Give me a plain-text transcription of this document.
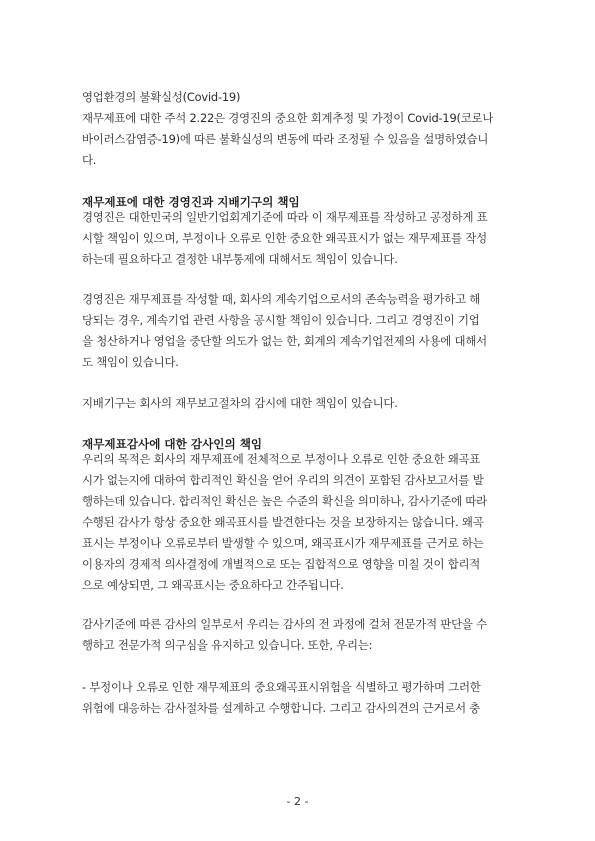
영업환경의 불확실성(Covid-19)
재무제표에 대한 주석 2.22은 경영진의 중요한 회계추정 및 가정이 Covid-19(코로나
바이러스감염증-19)에 따른 불확실성의 변동에 따라 조정될 수 있음을 설명하였습니
다.
재무제표에 대한 경영진과 지배기구의 책임
경영진은 대한민국의 일반기업회계기준에 따라 이 재무제표를 작성하고 공정하게 표
시할 책임이 있으며, 부정이나 오류로 인한 중요한 왜곡표시가 없는 재무제표를 작성
하는데 필요하다고 결정한 내부통제에 대해서도 책임이 있습니다.
경영진은 재무제표를 작성할 때, 회사의 계속기업으로서의 존속능력을 평가하고 해
당되는 경우, 계속기업 관련 사항을 공시할 책임이 있습니다. 그리고 경영진이 기업
을 청산하거나 영업을 중단할 의도가 없는 한, 회계의 계속기업전제의 사용에 대해서
도 책임이 있습니다.
지배기구는 회사의 재무보고절차의 감시에 대한 책임이 있습니다.
재무제표감사에 대한 감사인의 책임
우리의 목적은 회사의 재무제표에 전체적으로 부정이나 오류로 인한 중요한 왜곡표
시가 없는지에 대하여 합리적인 확신을 얻어 우리의 의견이 포함된 감사보고서를 발
행하는데 있습니다. 합리적인 확신은 높은 수준의 확신을 의미하나, 감사기준에 따라
수행된 감사가 항상 중요한 왜곡표시를 발견한다는 것을 보장하지는 않습니다. 왜곡
표시는 부정이나 오류로부터 발생할 수 있으며, 왜곡표시가 재무제표를 근거로 하는
이용자의 경제적 의사결정에 개별적으로 또는 집합적으로 영향을 미칠 것이 합리적
으로 예상되면, 그 왜곡표시는 중요하다고 간주됩니다.
감사기준에 따른 감사의 일부로서 우리는 감사의 전 과정에 걸쳐 전문가적 판단을 수
행하고 전문가적 의구심을 유지하고 있습니다. 또한, 우리는:
- 부정이나 오류로 인한 재무제표의 중요왜곡표시위험을 식별하고 평가하며 그러한
위험에 대응하는 감사절차를 설계하고 수행합니다. 그리고 감사의견의 근거로서 충
- 2 -
